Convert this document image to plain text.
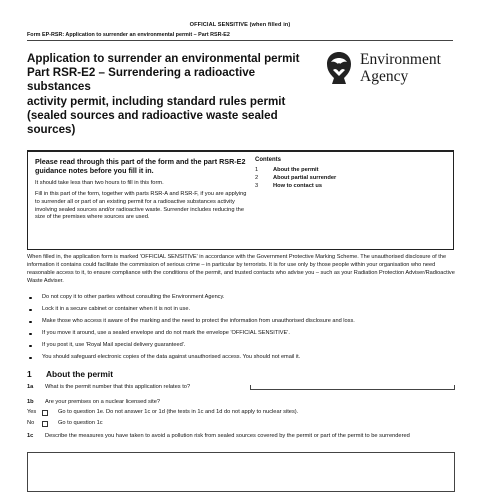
OFFICIAL SENSITIVE (when filled in)
Form EP-RSR: Application to surrender an environmental permit – Part RSR-E2
Application to surrender an environmental permit
Part RSR-E2 – Surrendering a radioactive substances
activity permit, including standard rules permit
(sealed sources and radioactive waste sealed
sources)
Environment
Agency

Please read through this part of the form and the part RSR-E2 guidance notes before you fill it in.

It should take less than two hours to fill in this form.

Fill in this part of the form, together with parts RSR-A and RSR-F, if you are applying to surrender all or part of an existing permit for a radioactive substances activity involving sealed sources and/or radioactive waste. Surrender includes reducing the size of the premises where sources are used.

Contents
1	About the permit
2	About partial surrender
3	How to contact us
When filled in, the application form is marked 'OFFICIAL SENSITIVE' in accordance with the Government Protective Marking Scheme. The unauthorised disclosure of the information it contains could facilitate the commission of serious crime – in particular by terrorists. It is for use only by those people within your organisation who need reasonable access to it, to ensure compliance with the conditions of the permit, and trusted contacts who advise you – such as your Radiation Protection Adviser/Radioactive Waste Adviser.
Do not copy it to other parties without consulting the Environment Agency.
Lock it in a secure cabinet or container when it is not in use.
Make those who access it aware of the marking and the need to protect the information from unauthorised disclosure and loss.
If you move it around, use a sealed envelope and do not mark the envelope 'OFFICIAL SENSITIVE'.
If you post it, use 'Royal Mail special delivery guaranteed'.
You should safeguard electronic copies of the data against unauthorised access. You should not email it.
1 About the permit
1a What is the permit number that this application relates to?
1b Are your premises on a nuclear licensed site?
Yes	Go to question 1e. Do not answer 1c or 1d (the tests in 1c and 1d do not apply to nuclear sites).
No	Go to question 1c
1c Describe the measures you have taken to avoid a pollution risk from sealed sources covered by the permit or part of the permit to be surrendered
